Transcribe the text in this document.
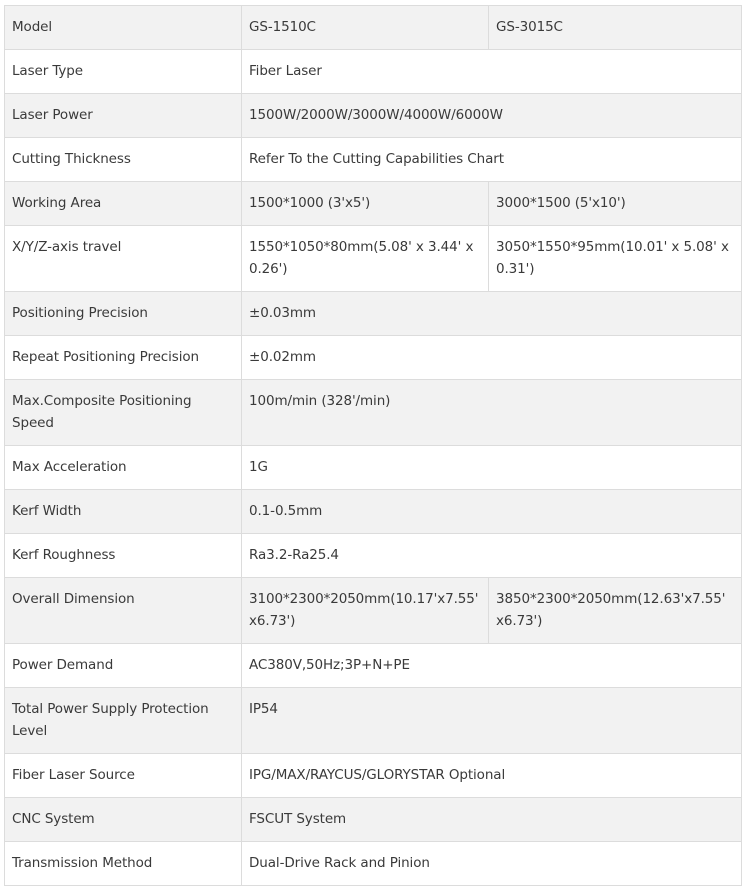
Model	GS-1510C	GS-3015C
Laser Type	Fiber Laser	
Laser Power	1500W/2000W/3000W/4000W/6000W	
Cutting Thickness	Refer To the Cutting Capabilities Chart	
Working Area	1500*1000 (3'x5')	3000*1500 (5'x10')
X/Y/Z-axis travel	1550*1050*80mm(5.08' x 3.44' x 0.26')	3050*1550*95mm(10.01' x 5.08' x 0.31')
Positioning Precision	±0.03mm	
Repeat Positioning Precision	±0.02mm	
Max.Composite Positioning Speed	100m/min (328'/min)	
Max Acceleration	1G	
Kerf Width	0.1-0.5mm	
Kerf Roughness	Ra3.2-Ra25.4	
Overall Dimension	3100*2300*2050mm(10.17'x7.55' x6.73')	3850*2300*2050mm(12.63'x7.55' x6.73')
Power Demand	AC380V,50Hz;3P+N+PE	
Total Power Supply Protection Level	IP54	
Fiber Laser Source	IPG/MAX/RAYCUS/GLORYSTAR Optional	
CNC System	FSCUT System	
Transmission Method	Dual-Drive Rack and Pinion	
